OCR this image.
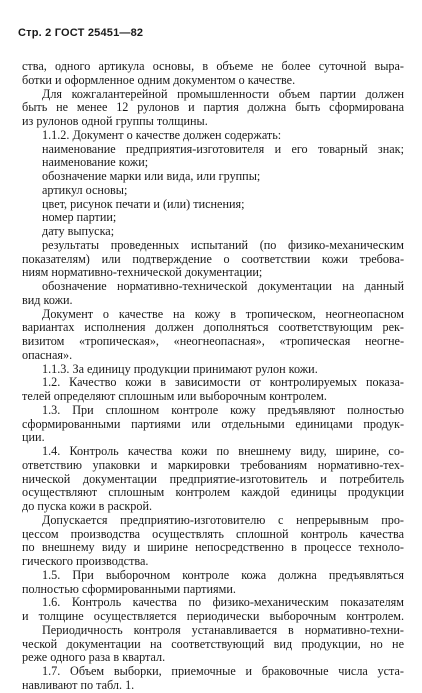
Стр. 2 ГОСТ 25451—82
ства, одного артикула основы, в объеме не более суточной выра-
ботки и оформленное одним документом о качестве.
Для кожгалантерейной промышленности объем партии должен
быть не менее 12 рулонов и партия должна быть сформирована
из рулонов одной группы толщины.
1.1.2. Документ о качестве должен содержать:
наименование предприятия-изготовителя и его товарный знак;
наименование кожи;
обозначение марки или вида, или группы;
артикул основы;
цвет, рисунок печати и (или) тиснения;
номер партии;
дату выпуска;
результаты проведенных испытаний (по физико-механическим
показателям) или подтверждение о соответствии кожи требова-
ниям нормативно-технической документации;
обозначение нормативно-технической документации на данный
вид кожи.
Документ о качестве на кожу в тропическом, неогнеопасном
вариантах исполнения должен дополняться соответствующим рек-
визитом «тропическая», «неогнеопасная», «тропическая неогне-
опасная».
1.1.3. За единицу продукции принимают рулон кожи.
1.2. Качество кожи в зависимости от контролируемых показа-
телей определяют сплошным или выборочным контролем.
1.3. При сплошном контроле кожу предъявляют полностью
сформированными партиями или отдельными единицами продук-
ции.
1.4. Контроль качества кожи по внешнему виду, ширине, со-
ответствию упаковки и маркировки требованиям нормативно-тех-
нической документации предприятие-изготовитель и потребитель
осуществляют сплошным контролем каждой единицы продукции
до пуска кожи в раскрой.
Допускается предприятию-изготовителю с непрерывным про-
цессом производства осуществлять сплошной контроль качества
по внешнему виду и ширине непосредственно в процессе техноло-
гического производства.
1.5. При выборочном контроле кожа должна предъявляться
полностью сформированными партиями.
1.6. Контроль качества по физико-механическим показателям
и толщине осуществляется периодически выборочным контролем.
Периодичность контроля устанавливается в нормативно-техни-
ческой документации на соответствующий вид продукции, но не
реже одного раза в квартал.
1.7. Объем выборки, приемочные и браковочные числа уста-
навливают по табл. 1.
